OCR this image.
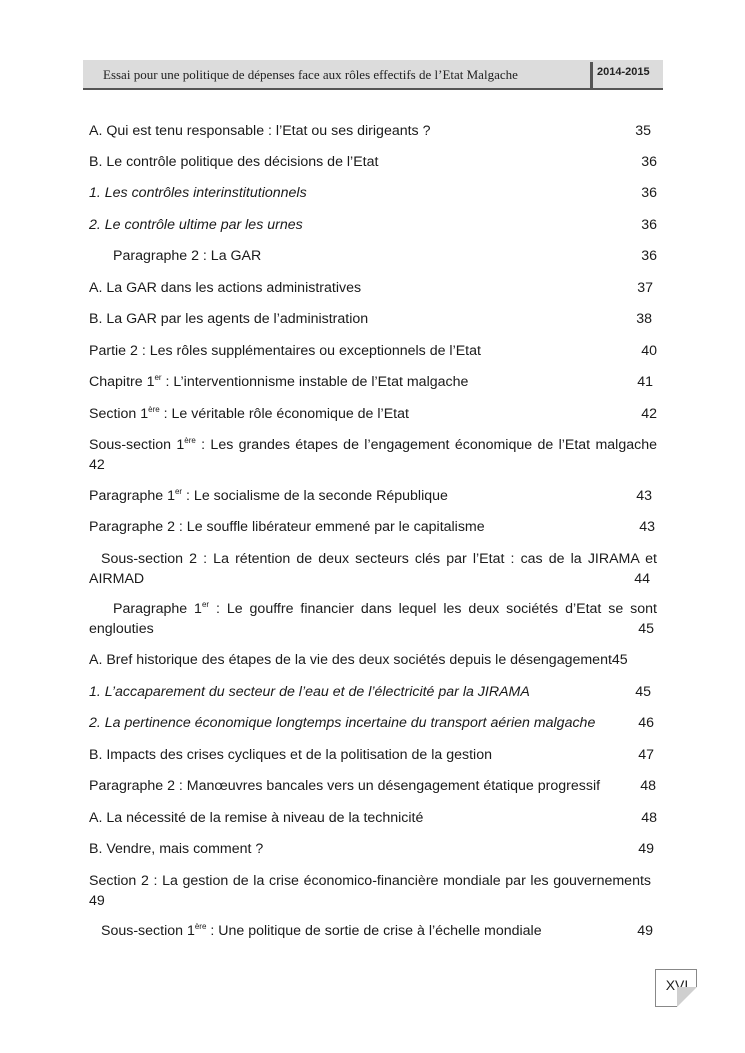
Essai pour une politique de dépenses face aux rôles effectifs de l’Etat Malgache	2014-2015
A. Qui est tenu responsable : l’Etat ou ses dirigeants ?	35
B. Le contrôle politique des décisions de l’Etat	36
1. Les contrôles interinstitutionnels	36
2. Le contrôle ultime par les urnes	36
Paragraphe 2 : La GAR	36
A. La GAR dans les actions administratives	37
B. La GAR par les agents de l’administration	38
Partie 2 : Les rôles supplémentaires ou exceptionnels de l’Etat	40
Chapitre 1er : L’interventionnisme instable de l’Etat malgache	41
Section 1ère : Le véritable rôle économique de l’Etat	42
Sous-section 1ère : Les grandes étapes de l’engagement économique de l’Etat malgache
42
Paragraphe 1er : Le socialisme de la seconde République	43
Paragraphe 2 : Le souffle libérateur emmené par le capitalisme	43
Sous-section 2 : La rétention de deux secteurs clés par l’Etat : cas de la JIRAMA et
AIRMAD	44
Paragraphe 1er : Le gouffre financier dans lequel les deux sociétés d’Etat se sont
englouties	45
A. Bref historique des étapes de la vie des deux sociétés depuis le désengagement45
1. L’accaparement du secteur de l’eau et de l’électricité par la JIRAMA	45
2. La pertinence économique longtemps incertaine du transport aérien malgache	46
B. Impacts des crises cycliques et de la politisation de la gestion	47
Paragraphe 2 : Manœuvres bancales vers un désengagement étatique progressif	48
A. La nécessité de la remise à niveau de la technicité	48
B. Vendre, mais comment ?	49
Section 2 : La gestion de la crise économico-financière mondiale par les gouvernements
49
Sous-section 1ère : Une politique de sortie de crise à l’échelle mondiale	49
XVI
